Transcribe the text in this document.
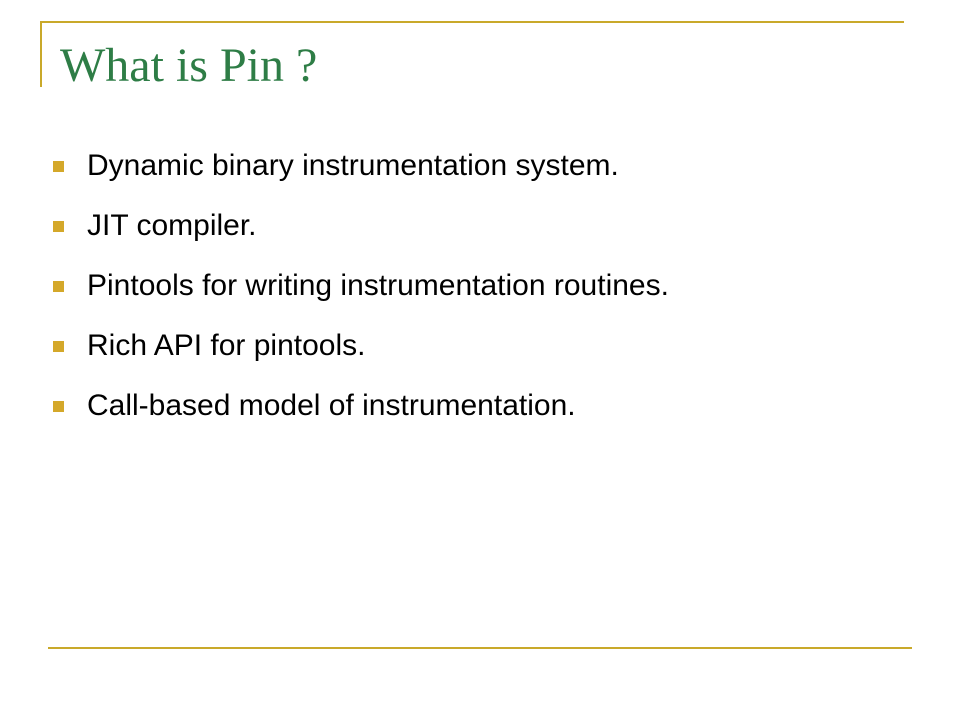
What is Pin ?
Dynamic binary instrumentation system.
JIT compiler.
Pintools for writing instrumentation routines.
Rich API for pintools.
Call-based model of instrumentation.
